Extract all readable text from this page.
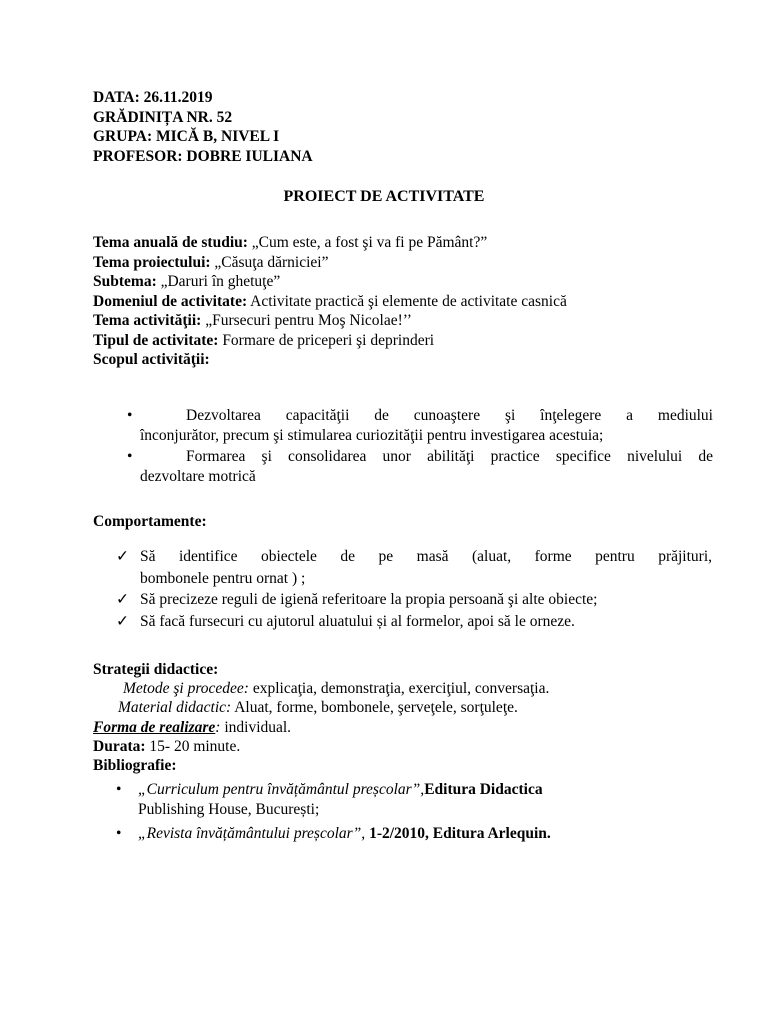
DATA: 26.11.2019
GRĂDINIȚA NR. 52
GRUPA: MICĂ B, NIVEL I
PROFESOR: DOBRE IULIANA
PROIECT DE ACTIVITATE
Tema anuală de studiu: „Cum este, a fost şi va fi pe Pământ?”
Tema proiectului: „Căsuţa dărniciei”
Subtema: „Daruri în ghetuţe”
Domeniul de activitate: Activitate practică şi elemente de activitate casnică
Tema activităţii: „Fursecuri pentru Moş Nicolae!’’
Tipul de activitate: Formare de priceperi şi deprinderi
Scopul activităţii:
•	Dezvoltarea capacităţii de cunoaştere şi înţelegere a mediului
înconjurător, precum şi stimularea curiozităţii pentru investigarea acestuia;
•	Formarea şi consolidarea unor abilităţi practice specifice nivelului de
dezvoltare motrică
Comportamente:
✓ Să identifice obiectele de pe masă (aluat, forme pentru prăjituri,
bombonele pentru ornat ) ;
✓ Să precizeze reguli de igienă referitoare la propia persoană şi alte obiecte;
✓ Să facă fursecuri cu ajutorul aluatului și al formelor, apoi să le orneze.
Strategii didactice:
Metode şi procedee: explicaţia, demonstraţia, exerciţiul, conversaţia.
Material didactic: Aluat, forme, bombonele, şerveţele, sorţuleţe.
Forma de realizare: individual.
Durata: 15- 20 minute.
Bibliografie:
• „Curriculum pentru învățământul preșcolar”,Editura Didactica
Publishing House, București;
• „Revista învățământului preșcolar”, 1-2/2010, Editura Arlequin.
